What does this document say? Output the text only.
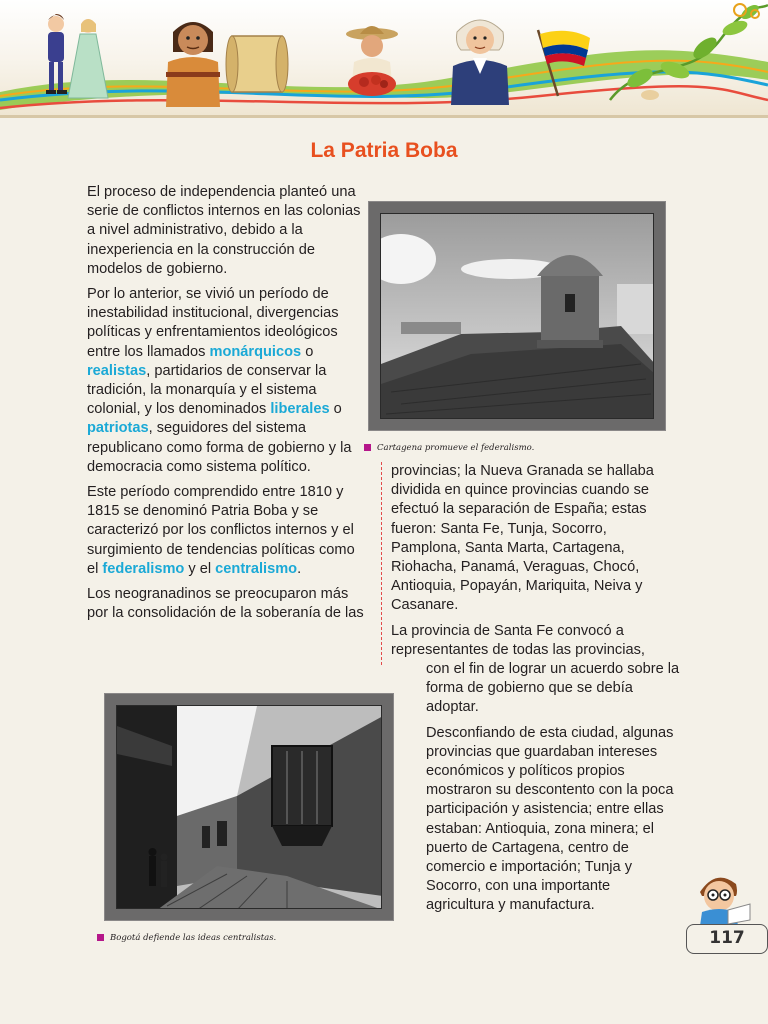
La Patria Boba

El proceso de independencia planteó una serie de conflictos internos en las colonias a nivel administrativo, debido a la inexperiencia en la construcción de modelos de gobierno.

Por lo anterior, se vivió un período de inestabilidad institucional, divergencias políticas y enfrentamientos ideológicos entre los llamados monárquicos o realistas, partidarios de conservar la tradición, la monarquía y el sistema colonial, y los denominados liberales o patriotas, seguidores del sistema republicano como forma de gobierno y la democracia como sistema político.

Este período comprendido entre 1810 y 1815 se denominó Patria Boba y se caracterizó por los conflictos internos y el surgimiento de tendencias políticas como el federalismo y el centralismo.

Los neogranadinos se preocuparon más por la consolidación de la soberanía de las

Cartagena promueve el federalismo.

provincias; la Nueva Granada se hallaba dividida en quince provincias cuando se efectuó la separación de España; estas fueron: Santa Fe, Tunja, Socorro, Pamplona, Santa Marta, Cartagena, Riohacha, Panamá, Veraguas, Chocó, Antioquia, Popayán, Mariquita, Neiva y Casanare.

La provincia de Santa Fe convocó a representantes de todas las provincias,

con el fin de lograr un acuerdo sobre la forma de gobierno que se debía adoptar.

Desconfiando de esta ciudad, algunas provincias que guardaban intereses económicos y políticos propios mostraron su descontento con la poca participación y asistencia; entre ellas estaban: Antioquia, zona minera; el puerto de Cartagena, centro de comercio e importación; Tunja y Socorro, con una importante agricultura y manufactura.

Bogotá defiende las ideas centralistas.	117
